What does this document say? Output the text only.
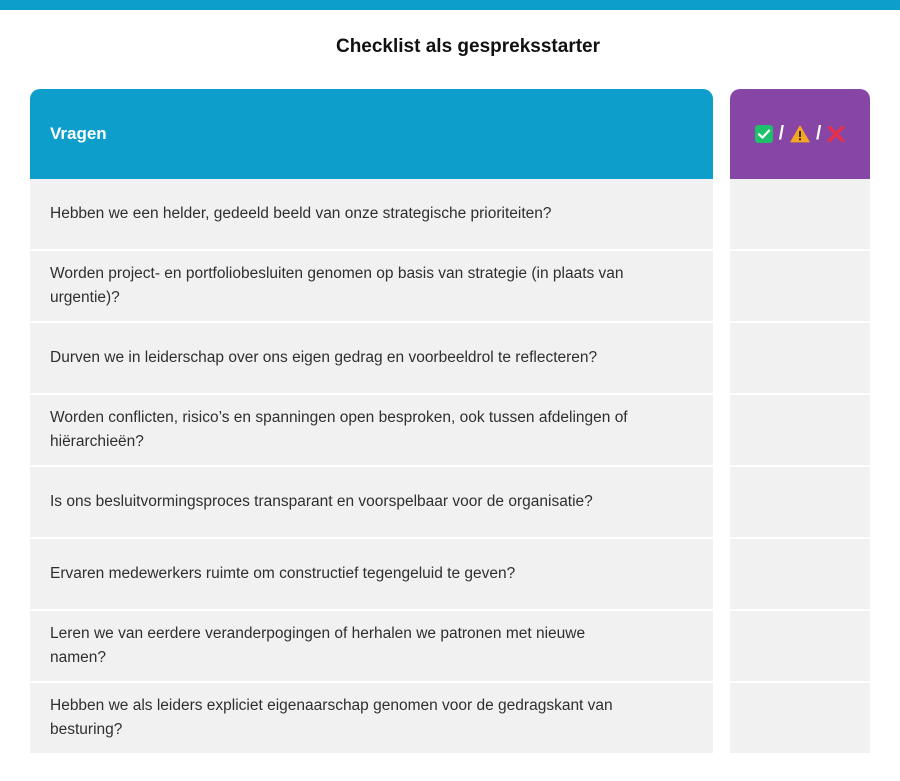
Checklist als gespreksstarter
Vragen	/ /
Hebben we een helder, gedeeld beeld van onze strategische prioriteiten?
Worden project- en portfoliobesluiten genomen op basis van strategie (in plaats van urgentie)?
Durven we in leiderschap over ons eigen gedrag en voorbeeldrol te reflecteren?
Worden conflicten, risico’s en spanningen open besproken, ook tussen afdelingen of hiërarchieën?
Is ons besluitvormingsproces transparant en voorspelbaar voor de organisatie?
Ervaren medewerkers ruimte om constructief tegengeluid te geven?
Leren we van eerdere veranderpogingen of herhalen we patronen met nieuwe namen?
Hebben we als leiders expliciet eigenaarschap genomen voor de gedragskant van besturing?
